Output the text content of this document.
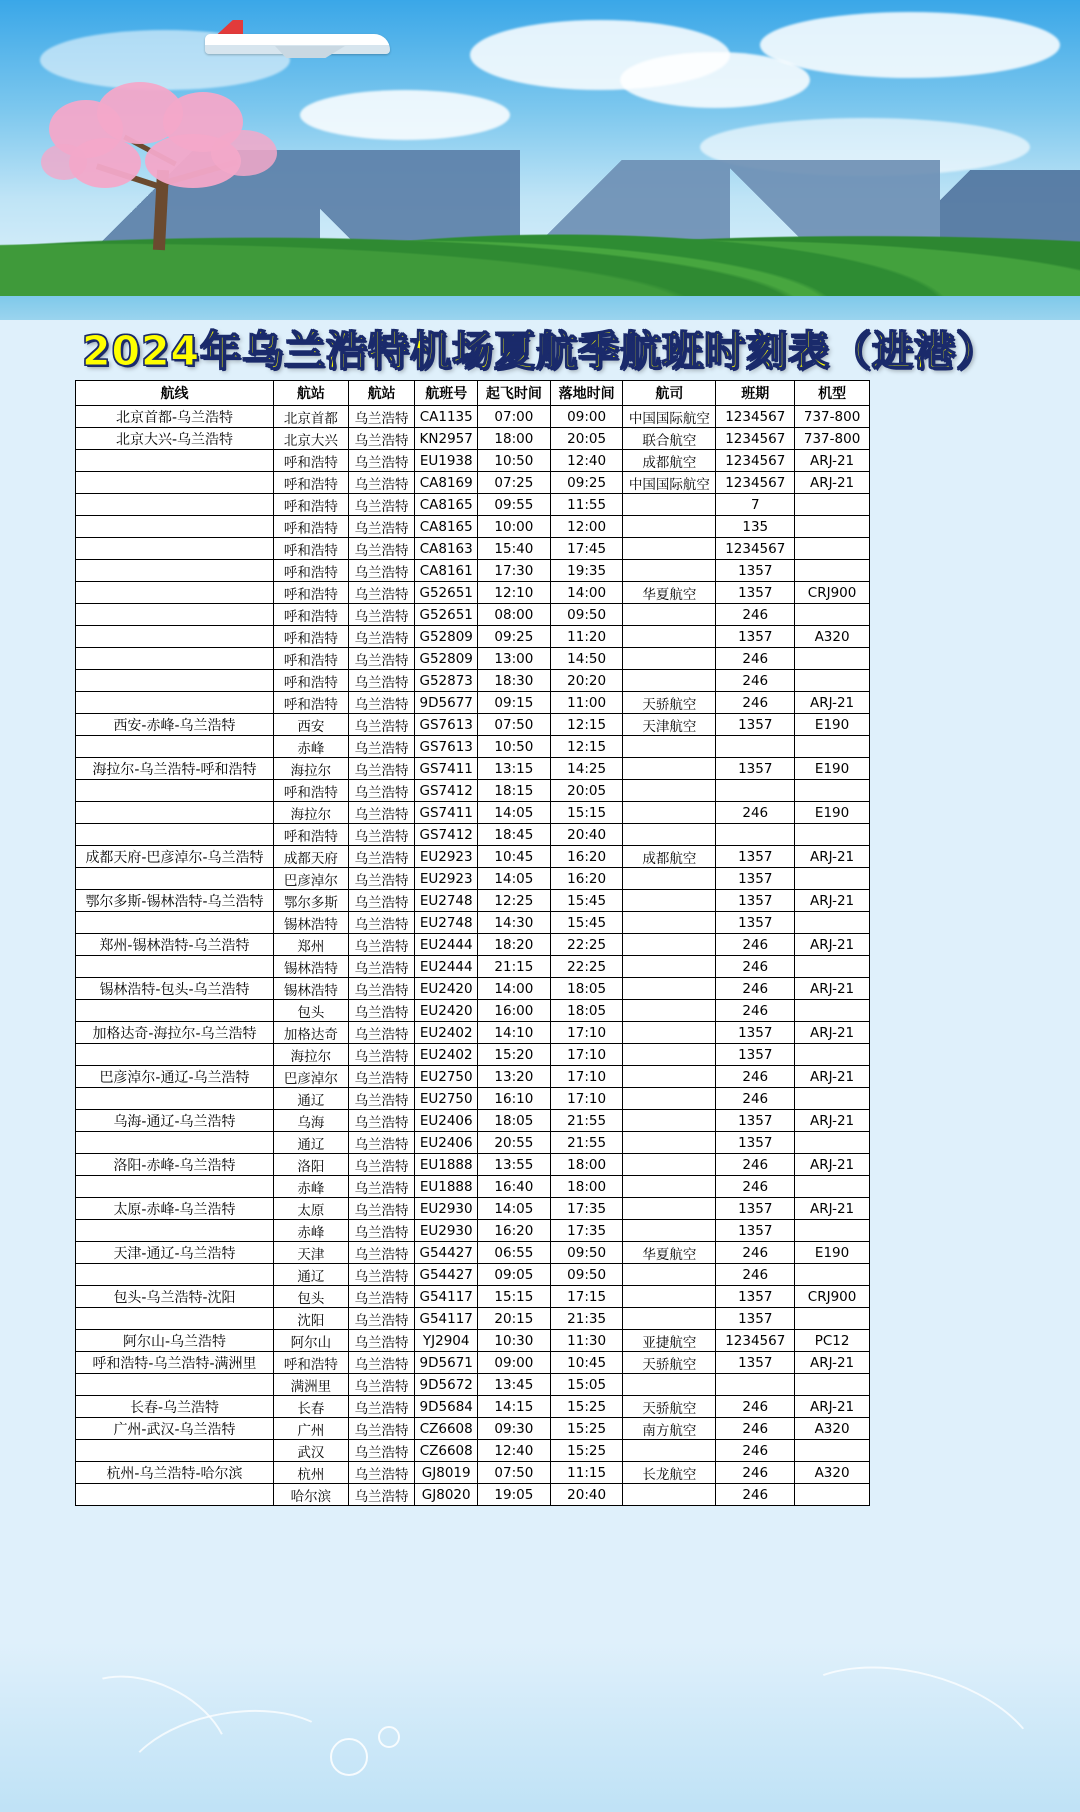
2024年乌兰浩特机场夏航季航班时刻表（进港）
航线	航站	航站	航班号	起飞时间	落地时间	航司	班期	机型
北京首都-乌兰浩特	北京首都	乌兰浩特	CA1135	07:00	09:00	中国国际航空	1234567	737-800
北京大兴-乌兰浩特	北京大兴	乌兰浩特	KN2957	18:00	20:05	联合航空	1234567	737-800
	呼和浩特	乌兰浩特	EU1938	10:50	12:40	成都航空	1234567	ARJ-21
	呼和浩特	乌兰浩特	CA8169	07:25	09:25	中国国际航空	1234567	ARJ-21
	呼和浩特	乌兰浩特	CA8165	09:55	11:55		7	
	呼和浩特	乌兰浩特	CA8165	10:00	12:00		135	
	呼和浩特	乌兰浩特	CA8163	15:40	17:45		1234567	
	呼和浩特	乌兰浩特	CA8161	17:30	19:35		1357	
	呼和浩特	乌兰浩特	G52651	12:10	14:00	华夏航空	1357	CRJ900
	呼和浩特	乌兰浩特	G52651	08:00	09:50		246	
	呼和浩特	乌兰浩特	G52809	09:25	11:20		1357	A320
	呼和浩特	乌兰浩特	G52809	13:00	14:50		246	
	呼和浩特	乌兰浩特	G52873	18:30	20:20		246	
	呼和浩特	乌兰浩特	9D5677	09:15	11:00	天骄航空	246	ARJ-21
西安-赤峰-乌兰浩特	西安	乌兰浩特	GS7613	07:50	12:15	天津航空	1357	E190
	赤峰	乌兰浩特	GS7613	10:50	12:15			
海拉尔-乌兰浩特-呼和浩特	海拉尔	乌兰浩特	GS7411	13:15	14:25		1357	E190
	呼和浩特	乌兰浩特	GS7412	18:15	20:05			
	海拉尔	乌兰浩特	GS7411	14:05	15:15		246	E190
	呼和浩特	乌兰浩特	GS7412	18:45	20:40			
成都天府-巴彦淖尔-乌兰浩特	成都天府	乌兰浩特	EU2923	10:45	16:20	成都航空	1357	ARJ-21
	巴彦淖尔	乌兰浩特	EU2923	14:05	16:20		1357	
鄂尔多斯-锡林浩特-乌兰浩特	鄂尔多斯	乌兰浩特	EU2748	12:25	15:45		1357	ARJ-21
	锡林浩特	乌兰浩特	EU2748	14:30	15:45		1357	
郑州-锡林浩特-乌兰浩特	郑州	乌兰浩特	EU2444	18:20	22:25		246	ARJ-21
	锡林浩特	乌兰浩特	EU2444	21:15	22:25		246	
锡林浩特-包头-乌兰浩特	锡林浩特	乌兰浩特	EU2420	14:00	18:05		246	ARJ-21
	包头	乌兰浩特	EU2420	16:00	18:05		246	
加格达奇-海拉尔-乌兰浩特	加格达奇	乌兰浩特	EU2402	14:10	17:10		1357	ARJ-21
	海拉尔	乌兰浩特	EU2402	15:20	17:10		1357	
巴彦淖尔-通辽-乌兰浩特	巴彦淖尔	乌兰浩特	EU2750	13:20	17:10		246	ARJ-21
	通辽	乌兰浩特	EU2750	16:10	17:10		246	
乌海-通辽-乌兰浩特	乌海	乌兰浩特	EU2406	18:05	21:55		1357	ARJ-21
	通辽	乌兰浩特	EU2406	20:55	21:55		1357	
洛阳-赤峰-乌兰浩特	洛阳	乌兰浩特	EU1888	13:55	18:00		246	ARJ-21
	赤峰	乌兰浩特	EU1888	16:40	18:00		246	
太原-赤峰-乌兰浩特	太原	乌兰浩特	EU2930	14:05	17:35		1357	ARJ-21
	赤峰	乌兰浩特	EU2930	16:20	17:35		1357	
天津-通辽-乌兰浩特	天津	乌兰浩特	G54427	06:55	09:50	华夏航空	246	E190
	通辽	乌兰浩特	G54427	09:05	09:50		246	
包头-乌兰浩特-沈阳	包头	乌兰浩特	G54117	15:15	17:15		1357	CRJ900
	沈阳	乌兰浩特	G54117	20:15	21:35		1357	
阿尔山-乌兰浩特	阿尔山	乌兰浩特	YJ2904	10:30	11:30	亚捷航空	1234567	PC12
呼和浩特-乌兰浩特-满洲里	呼和浩特	乌兰浩特	9D5671	09:00	10:45	天骄航空	1357	ARJ-21
	满洲里	乌兰浩特	9D5672	13:45	15:05			
长春-乌兰浩特	长春	乌兰浩特	9D5684	14:15	15:25	天骄航空	246	ARJ-21
广州-武汉-乌兰浩特	广州	乌兰浩特	CZ6608	09:30	15:25	南方航空	246	A320
	武汉	乌兰浩特	CZ6608	12:40	15:25		246	
杭州-乌兰浩特-哈尔滨	杭州	乌兰浩特	GJ8019	07:50	11:15	长龙航空	246	A320
	哈尔滨	乌兰浩特	GJ8020	19:05	20:40		246	
